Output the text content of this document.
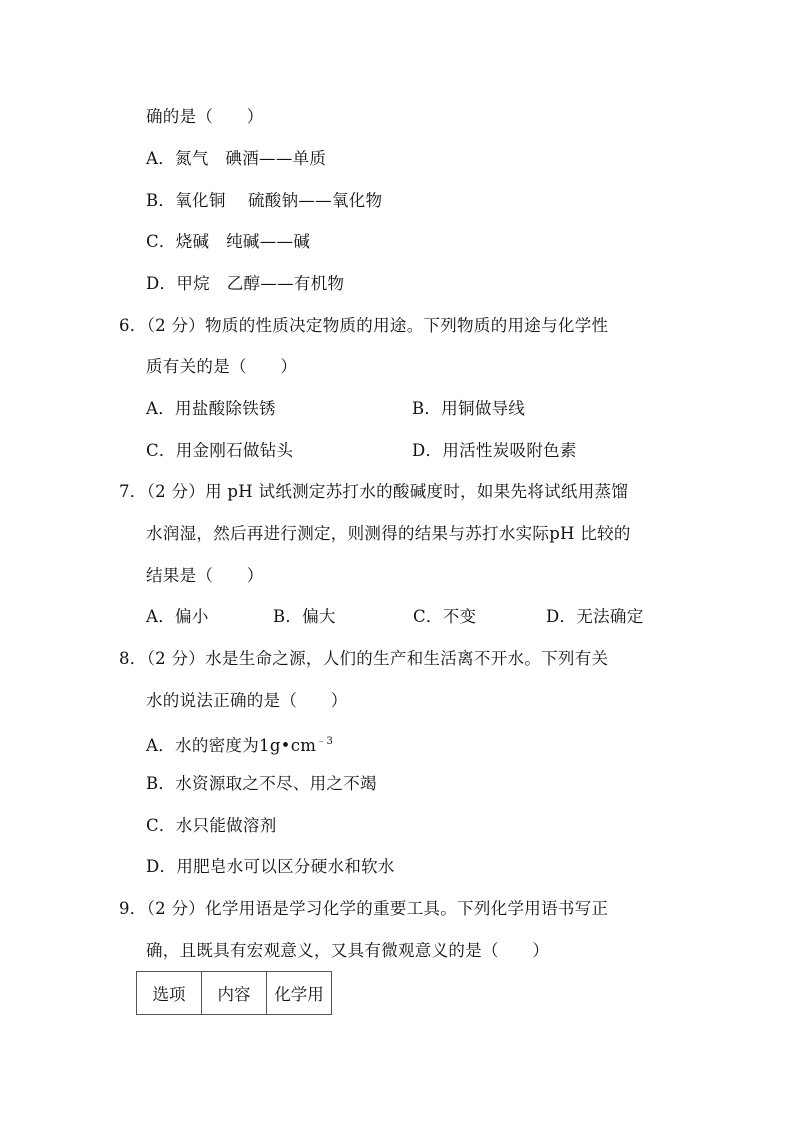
确的是（　　）
A．氮气　碘酒——单质
B．氧化铜　 硫酸钠——氧化物
C．烧碱　纯碱——碱
D．甲烷　乙醇——有机物
6．（2 分）物质的性质决定物质的用途。下列物质的用途与化学性
质有关的是（　　）
A．用盐酸除铁锈	B．用铜做导线
C．用金刚石做钻头	D．用活性炭吸附色素
7．（2 分）用 pH 试纸测定苏打水的酸碱度时，如果先将试纸用蒸馏
水润湿，然后再进行测定，则测得的结果与苏打水实际pH 比较的
结果是（　　）
A．偏小	B．偏大	C．不变	D．无法确定
8．（2 分）水是生命之源，人们的生产和生活离不开水。下列有关
水的说法正确的是（　　）
A．水的密度为$1g•cm^{﹣3}$
B．水资源取之不尽、用之不竭
C．水只能做溶剂
D．用肥皂水可以区分硬水和软水
9．（2 分）化学用语是学习化学的重要工具。下列化学用语书写正
确，且既具有宏观意义，又具有微观意义的是（　　）
选项	内容	化学用
